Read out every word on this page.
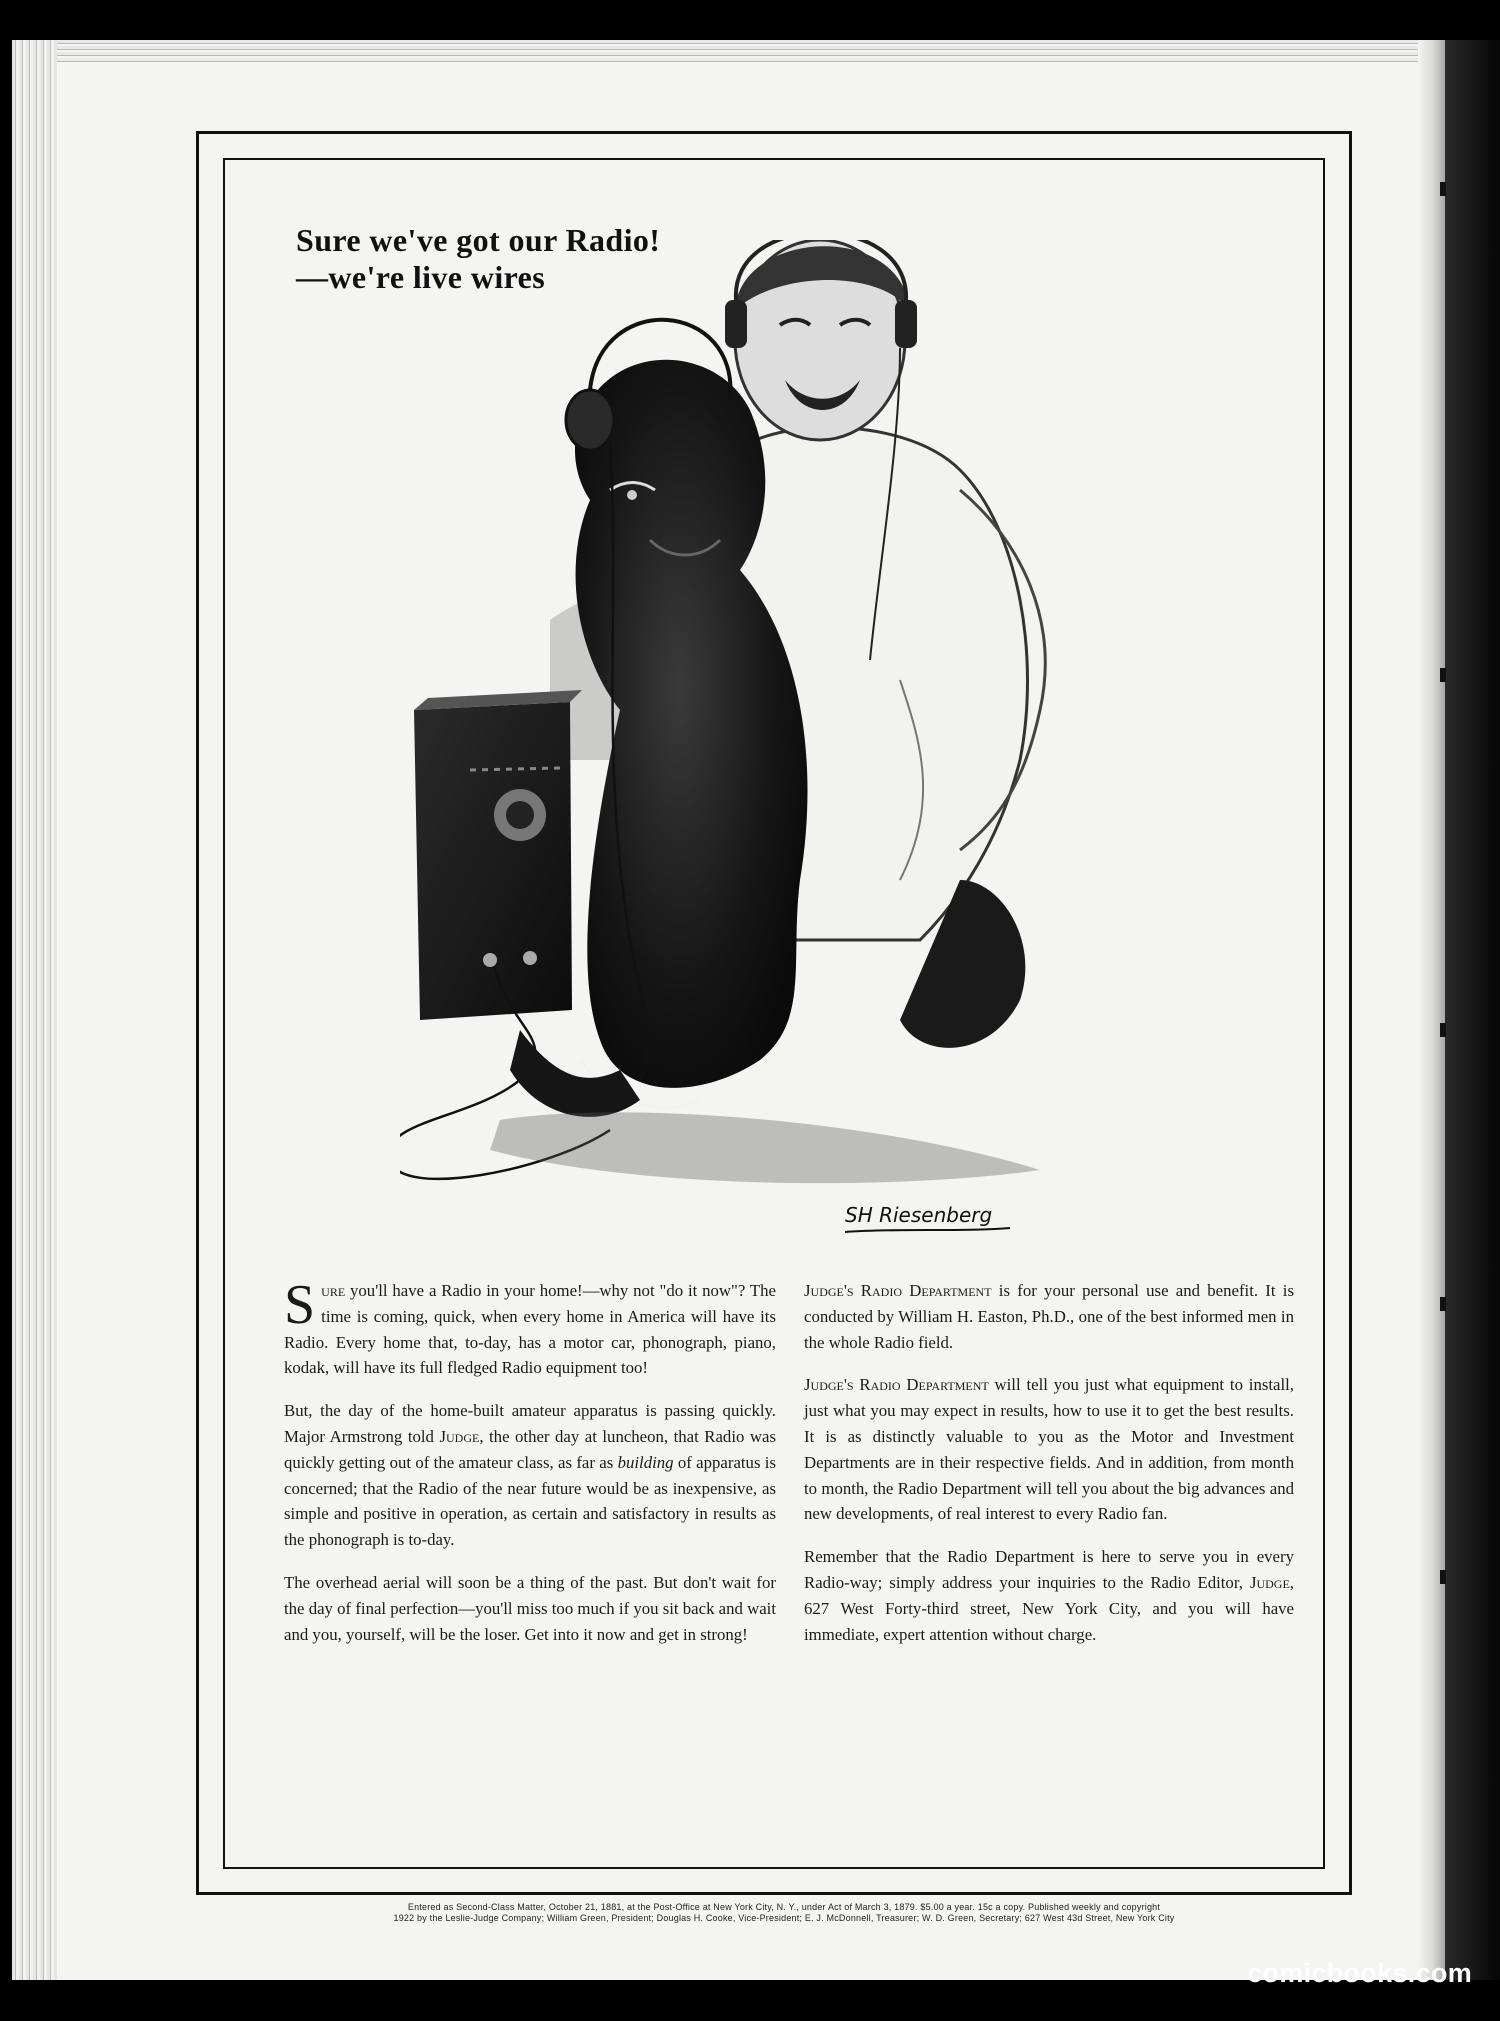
Sure we've got our Radio!
—we're live wires
SH Riesenberg

Sure you'll have a Radio in your home!—why not "do it now"? The time is coming, quick, when every home in America will have its Radio. Every home that, to-day, has a motor car, phonograph, piano, kodak, will have its full fledged Radio equipment too!

But, the day of the home-built amateur apparatus is passing quickly. Major Armstrong told Judge, the other day at luncheon, that Radio was quickly getting out of the amateur class, as far as building of apparatus is concerned; that the Radio of the near future would be as inexpensive, as simple and positive in operation, as certain and satisfactory in results as the phonograph is to-day.

The overhead aerial will soon be a thing of the past. But don't wait for the day of final perfection—you'll miss too much if you sit back and wait and you, yourself, will be the loser. Get into it now and get in strong!

Judge's Radio Department is for your personal use and benefit. It is conducted by William H. Easton, Ph.D., one of the best informed men in the whole Radio field.

Judge's Radio Department will tell you just what equipment to install, just what you may expect in results, how to use it to get the best results. It is as distinctly valuable to you as the Motor and Investment Departments are in their respective fields. And in addition, from month to month, the Radio Department will tell you about the big advances and new developments, of real interest to every Radio fan.

Remember that the Radio Department is here to serve you in every Radio-way; simply address your inquiries to the Radio Editor, Judge, 627 West Forty-third street, New York City, and you will have immediate, expert attention without charge.

Entered as Second-Class Matter, October 21, 1881, at the Post-Office at New York City, N. Y., under Act of March 3, 1879. $5.00 a year. 15c a copy. Published weekly and copyright
1922 by the Leslie-Judge Company; William Green, President; Douglas H. Cooke, Vice-President; E. J. McDonnell, Treasurer; W. D. Green, Secretary; 627 West 43d Street, New York City
comicbooks.com
